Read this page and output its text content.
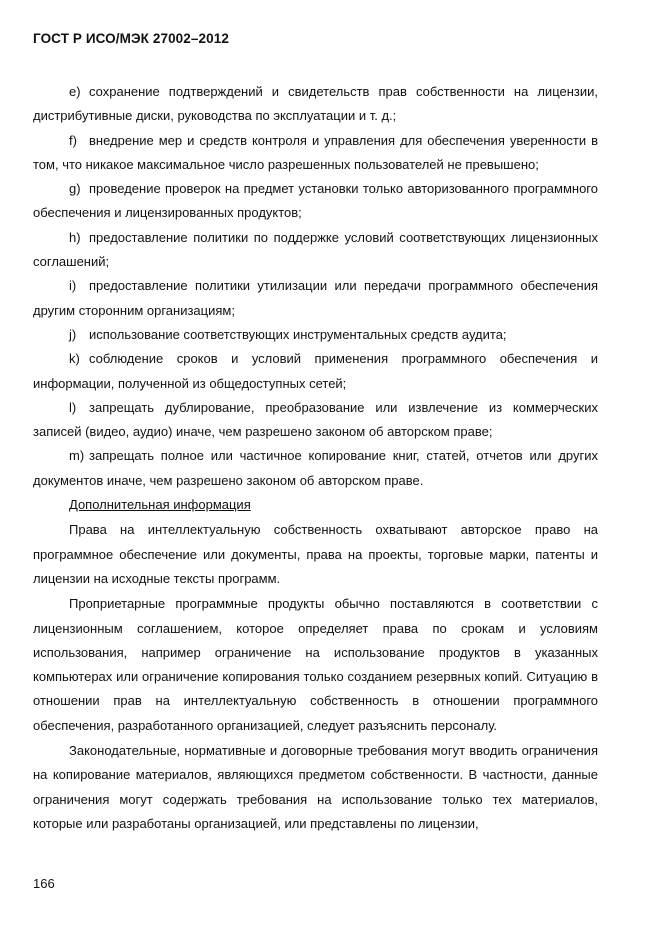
ГОСТ Р ИСО/МЭК 27002–2012

e) сохранение подтверждений и свидетельств прав собственности на лицензии, дистрибутивные диски, руководства по эксплуатации и т. д.;

f) внедрение мер и средств контроля и управления для обеспечения уверенности в том, что никакое максимальное число разрешенных пользователей не превышено;

g) проведение проверок на предмет установки только авторизованного программного обеспечения и лицензированных продуктов;

h) предоставление политики по поддержке условий соответствующих лицензионных соглашений;

i) предоставление политики утилизации или передачи программного обеспечения другим сторонним организациям;

j) использование соответствующих инструментальных средств аудита;

k) соблюдение сроков и условий применения программного обеспечения и информации, полученной из общедоступных сетей;

l) запрещать дублирование, преобразование или извлечение из коммерческих записей (видео, аудио) иначе, чем разрешено законом об авторском праве;

m) запрещать полное или частичное копирование книг, статей, отчетов или других документов иначе, чем разрешено законом об авторском праве.

Дополнительная информация

Права на интеллектуальную собственность охватывают авторское право на программное обеспечение или документы, права на проекты, торговые марки, патенты и лицензии на исходные тексты программ.

Проприетарные программные продукты обычно поставляются в соответствии с лицензионным соглашением, которое определяет права по срокам и условиям использования, например ограничение на использование продуктов в указанных компьютерах или ограничение копирования только созданием резервных копий. Ситуацию в отношении прав на интеллектуальную собственность в отношении программного обеспечения, разработанного организацией, следует разъяснить персоналу.

Законодательные, нормативные и договорные требования могут вводить ограничения на копирование материалов, являющихся предметом собственности. В частности, данные ограничения могут содержать требования на использование только тех материалов, которые или разработаны организацией, или представлены по лицензии,

166
